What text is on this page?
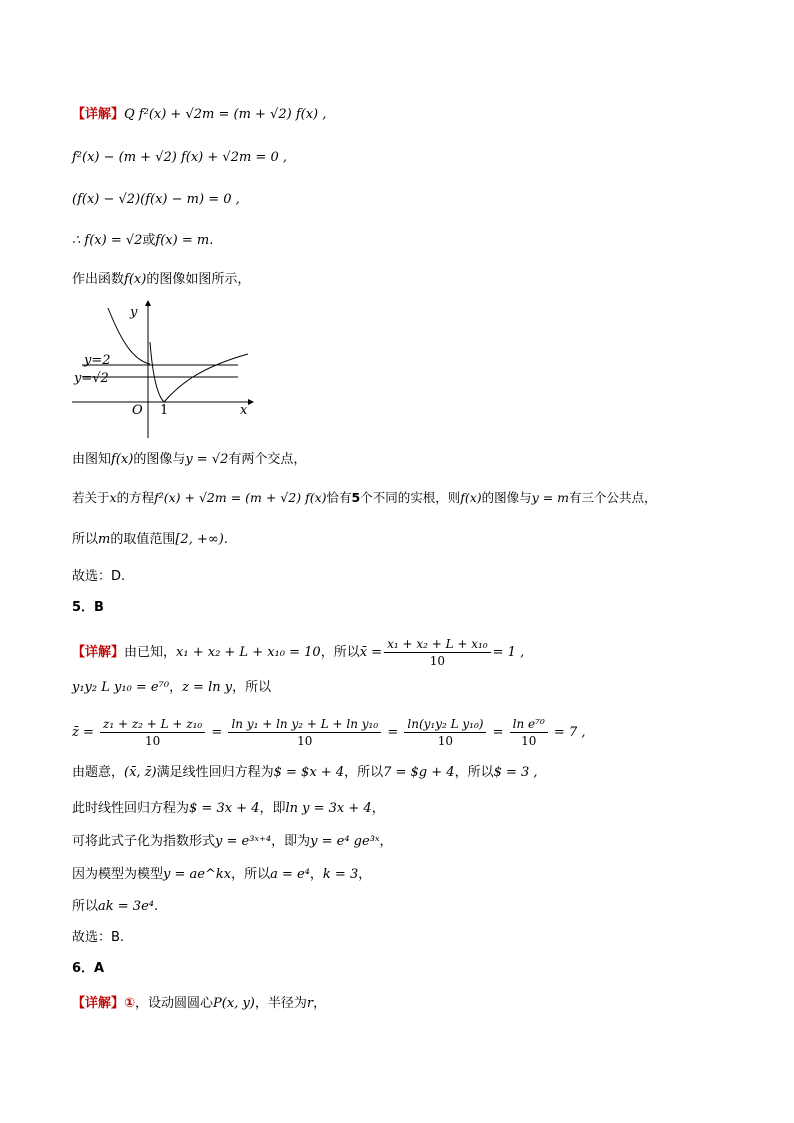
【详解】Q f²(x) + √2m = (m + √2) f(x) ,
f²(x) − (m + √2) f(x) + √2m = 0 ,
(f(x) − √2)(f(x) − m) = 0 ,
∴ f(x) = √2或f(x) = m.
作出函数f(x)的图像如图所示，
y
x
O 1
y=2
y=√2
由图知f(x)的图像与y = √2有两个交点，
若关于x的方程f²(x) + √2m = (m + √2) f(x)恰有5个不同的实根，则f(x)的图像与y = m有三个公共点，
所以m的取值范围[2, +∞).
故选：D.
5．B
【详解】由已知，x₁ + x₂ + L + x₁₀ = 10，所以x̄ = $\frac{\text{x₁ + x₂ + L + x₁₀}}{10} = 1$ ,
y₁y₂ L y₁₀ = e⁷⁰，z = ln y，所以
z̄ = $\frac{\text{z₁ + z₂ + L + z₁₀}}{10} = \frac{\text{ln y₁ + ln y₂ + L + ln y₁₀}}{10} = \frac{\text{ln(y₁y₂ L y₁₀)}}{10} = \frac{\text{ln e⁷⁰}}{10} = 7$ ,
由题意，(x̄, z̄)满足线性回归方程为$ = $x + 4，所以7 = $g + 4，所以$ = 3 ,
此时线性回归方程为$ = 3x + 4，即ln y = 3x + 4，
可将此式子化为指数形式y = e³ˣ⁺⁴，即为y = e⁴ ge³ˣ，
因为模型为模型y = ae^kx，所以a = e⁴，k = 3，
所以ak = 3e⁴.
故选：B.
6．A
【详解】①，设动圆圆心P(x, y)，半径为r，
